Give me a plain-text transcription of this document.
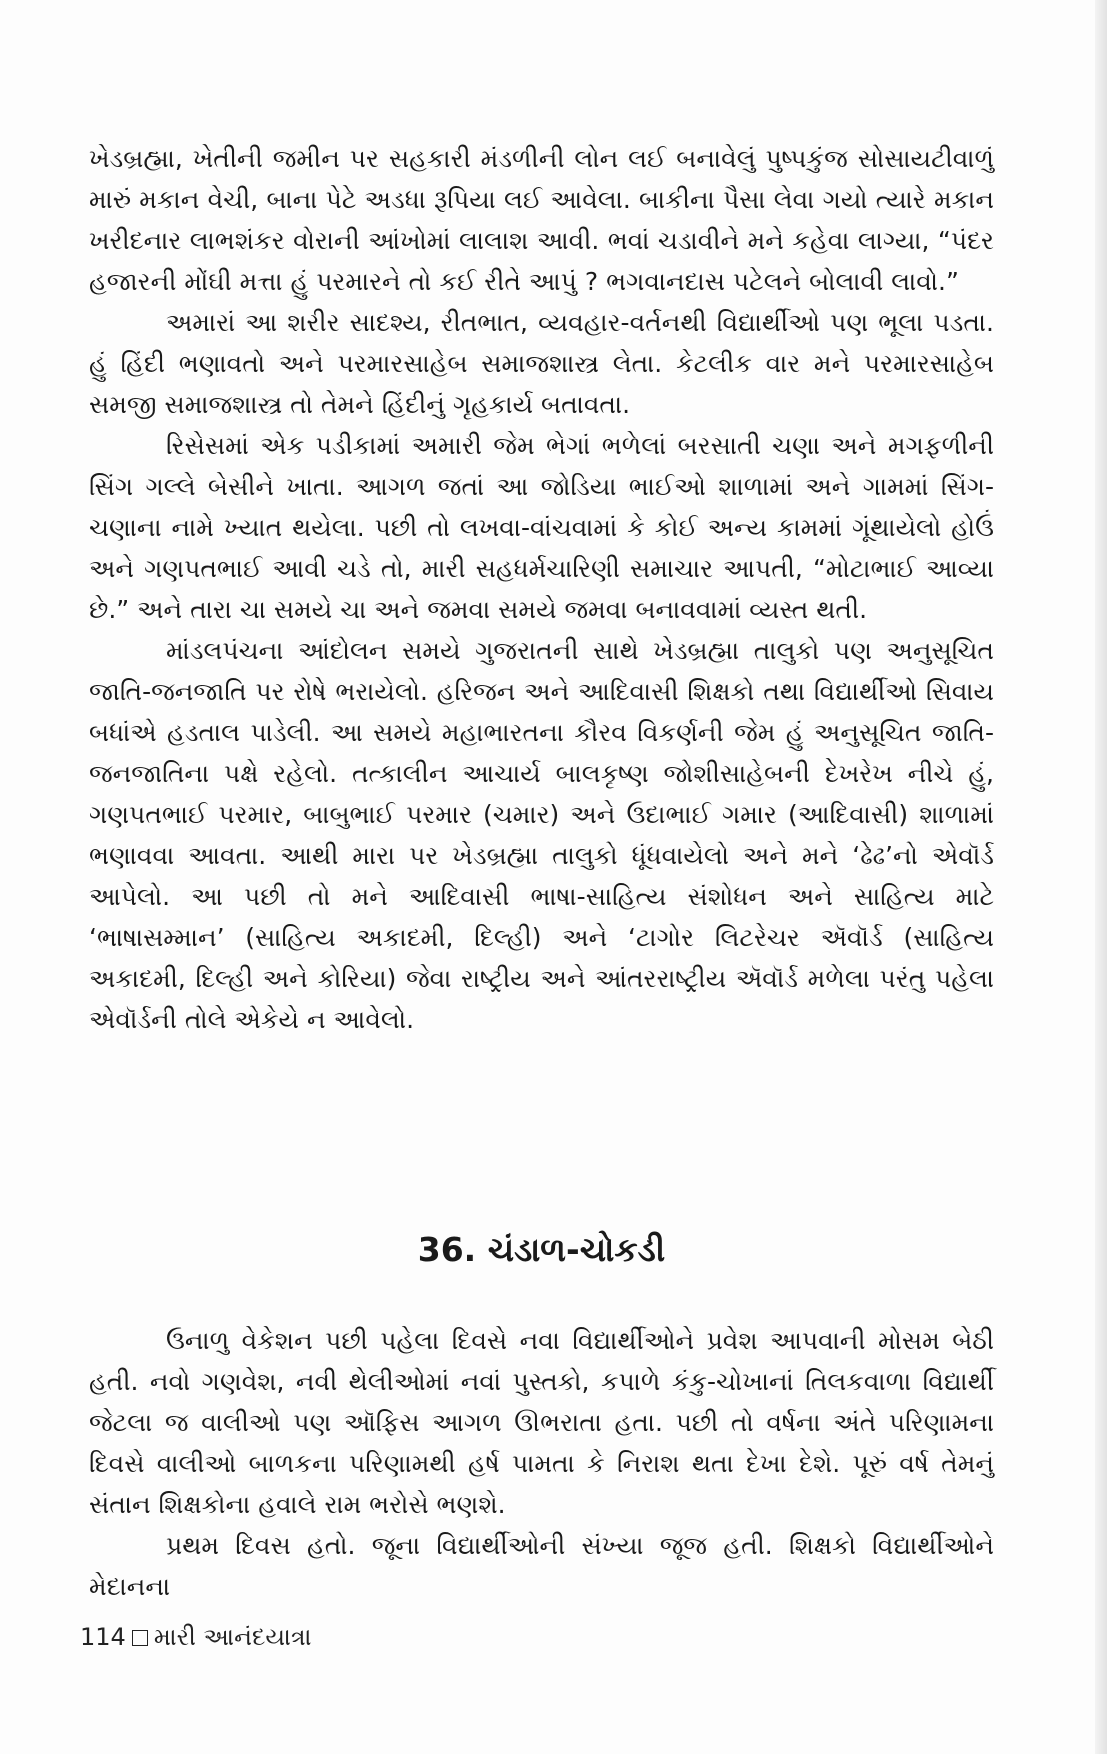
ખેડબ્રહ્મા, ખેતીની જમીન પર સહકારી મંડળીની લોન લઈ બનાવેલું પુષ્પકુંજ સોસાયટીવાળું મારું મકાન વેચી, બાના પેટે અડધા રૂપિયા લઈ આવેલા. બાકીના પૈસા લેવા ગયો ત્યારે મકાન ખરીદનાર લાભશંકર વોરાની આંખોમાં લાલાશ આવી. ભવાં ચડાવીને મને કહેવા લાગ્યા, “પંદર હજારની મોંઘી મત્તા હું પરમારને તો કઈ રીતે આપું ? ભગવાનદાસ પટેલને બોલાવી લાવો.”

અમારાં આ શરીર સાદશ્ય, રીતભાત, વ્યવહાર-વર્તનથી વિદ્યાર્થીઓ પણ ભૂલા પડતા. હું હિંદી ભણાવતો અને પરમારસાહેબ સમાજશાસ્ત્ર લેતા. કેટલીક વાર મને પરમારસાહેબ સમજી સમાજશાસ્ત્ર તો તેમને હિંદીનું ગૃહકાર્ય બતાવતા.

રિસેસમાં એક પડીકામાં અમારી જેમ ભેગાં ભળેલાં બરસાતી ચણા અને મગફળીની સિંગ ગલ્લે બેસીને ખાતા. આગળ જતાં આ જોડિયા ભાઈઓ શાળામાં અને ગામમાં સિંગ-ચણાના નામે ખ્યાત થયેલા. પછી તો લખવા-વાંચવામાં કે કોઈ અન્ય કામમાં ગૂંથાયેલો હોઉં અને ગણપતભાઈ આવી ચડે તો, મારી સહધર્મચારિણી સમાચાર આપતી, “મોટાભાઈ આવ્યા છે.” અને તારા ચા સમયે ચા અને જમવા સમયે જમવા બનાવવામાં વ્યસ્ત થતી.

માંડલપંચના આંદોલન સમયે ગુજરાતની સાથે ખેડબ્રહ્મા તાલુકો પણ અનુસૂચિત જાતિ-જનજાતિ પર રોષે ભરાયેલો. હરિજન અને આદિવાસી શિક્ષકો તથા વિદ્યાર્થીઓ સિવાય બધાંએ હડતાલ પાડેલી. આ સમયે મહાભારતના કૌરવ વિકર્ણની જેમ હું અનુસૂચિત જાતિ-જનજાતિના પક્ષે રહેલો. તત્કાલીન આચાર્ય બાલકૃષ્ણ જોશીસાહેબની દેખરેખ નીચે હું, ગણપતભાઈ પરમાર, બાબુભાઈ પરમાર (ચમાર) અને ઉદાભાઈ ગમાર (આદિવાસી) શાળામાં ભણાવવા આવતા. આથી મારા પર ખેડબ્રહ્મા તાલુકો ધૂંધવાયેલો અને મને ‘ઢેઢ’નો એવૉર્ડ આપેલો. આ પછી તો મને આદિવાસી ભાષા-સાહિત્ય સંશોધન અને સાહિત્ય માટે ‘ભાષાસમ્માન’ (સાહિત્ય અકાદમી, દિલ્હી) અને ‘ટાગોર લિટરેચર ઍવૉર્ડ (સાહિત્ય અકાદમી, દિલ્હી અને કોરિયા) જેવા રાષ્ટ્રીય અને આંતરરાષ્ટ્રીય ઍવૉર્ડ મળેલા પરંતુ પહેલા એવૉર્ડની તોલે એકેયે ન આવેલો.

36. ચંડાળ-ચોકડી

ઉનાળુ વેકેશન પછી પહેલા દિવસે નવા વિદ્યાર્થીઓને પ્રવેશ આપવાની મોસમ બેઠી હતી. નવો ગણવેશ, નવી થેલીઓમાં નવાં પુસ્તકો, કપાળે કંકુ-ચોખાનાં તિલકવાળા વિદ્યાર્થી જેટલા જ વાલીઓ પણ ઑફિસ આગળ ઊભરાતા હતા. પછી તો વર્ષના અંતે પરિણામના દિવસે વાલીઓ બાળકના પરિણામથી હર્ષ પામતા કે નિરાશ થતા દેખા દેશે. પૂરું વર્ષ તેમનું સંતાન શિક્ષકોના હવાલે રામ ભરોસે ભણશે.

પ્રથમ દિવસ હતો. જૂના વિદ્યાર્થીઓની સંખ્યા જૂજ હતી. શિક્ષકો વિદ્યાર્થીઓને મેદાનના

114 મારી આનંદયાત્રા
